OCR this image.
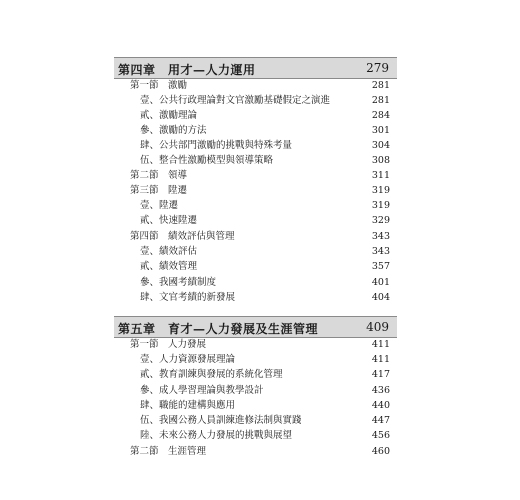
第四章　用才—人力運用	279
第一節　激勵	281
壹、公共行政理論對文官激勵基礎假定之演進	281
貳、激勵理論	284
參、激勵的方法	301
肆、公共部門激勵的挑戰與特殊考量	304
伍、整合性激勵模型與領導策略	308
第二節　領導	311
第三節　陞遷	319
壹、陞遷	319
貳、快速陞遷	329
第四節　績效評估與管理	343
壹、績效評估	343
貳、績效管理	357
參、我國考績制度	401
肆、文官考績的新發展	404
第五章　育才—人力發展及生涯管理	409
第一節　人力發展	411
壹、人力資源發展理論	411
貳、教育訓練與發展的系統化管理	417
參、成人學習理論與教學設計	436
肆、職能的建構與應用	440
伍、我國公務人員訓練進修法制與實踐	447
陸、未來公務人力發展的挑戰與展望	456
第二節　生涯管理	460
